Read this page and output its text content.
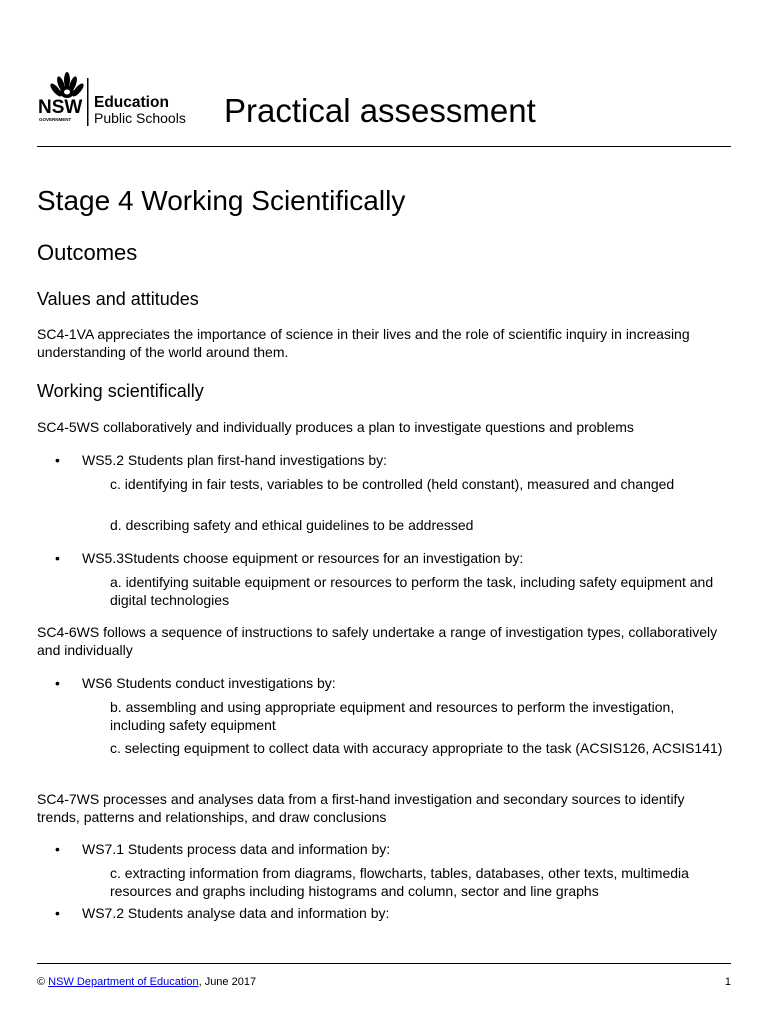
NSW
GOVERNMENT
Education
Public Schools Practical assessment
Stage 4 Working Scientifically
Outcomes
Values and attitudes

SC4-1VA appreciates the importance of science in their lives and the role of scientific inquiry in increasing understanding of the world around them.

Working scientifically

SC4-5WS collaboratively and individually produces a plan to investigate questions and problems

• WS5.2 Students plan first-hand investigations by:

c. identifying in fair tests, variables to be controlled (held constant), measured and changed

d. describing safety and ethical guidelines to be addressed

• WS5.3Students choose equipment or resources for an investigation by:

a. identifying suitable equipment or resources to perform the task, including safety equipment and digital technologies

SC4-6WS follows a sequence of instructions to safely undertake a range of investigation types, collaboratively and individually

• WS6 Students conduct investigations by:

b. assembling and using appropriate equipment and resources to perform the investigation, including safety equipment

c. selecting equipment to collect data with accuracy appropriate to the task (ACSIS126, ACSIS141)

SC4-7WS processes and analyses data from a first-hand investigation and secondary sources to identify trends, patterns and relationships, and draw conclusions

• WS7.1 Students process data and information by:

c. extracting information from diagrams, flowcharts, tables, databases, other texts, multimedia resources and graphs including histograms and column, sector and line graphs

• WS7.2 Students analyse data and information by:
© NSW Department of Education, June 2017	1
